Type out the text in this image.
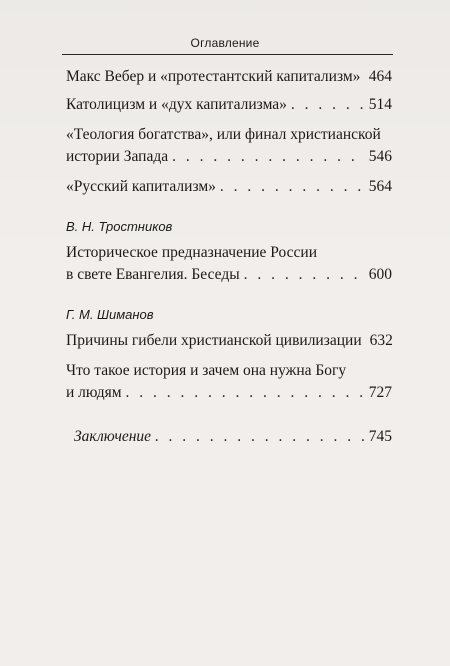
Оглавление
Макс Вебер и «протестантский капитализм» . . . 464
Католицизм и «дух капитализма» . . .	514
«Теология богатства», или финал христианской
истории Запада . . .	546
«Русский капитализм» . . .	564
В. Н. Тростников
Историческое предназначение России
в свете Евангелия. Беседы . . .	600
Г. М. Шиманов
Причины гибели христианской цивилизации 632
Что такое история и зачем она нужна Богу
и людям . . .	727
Заключение . . .	745
